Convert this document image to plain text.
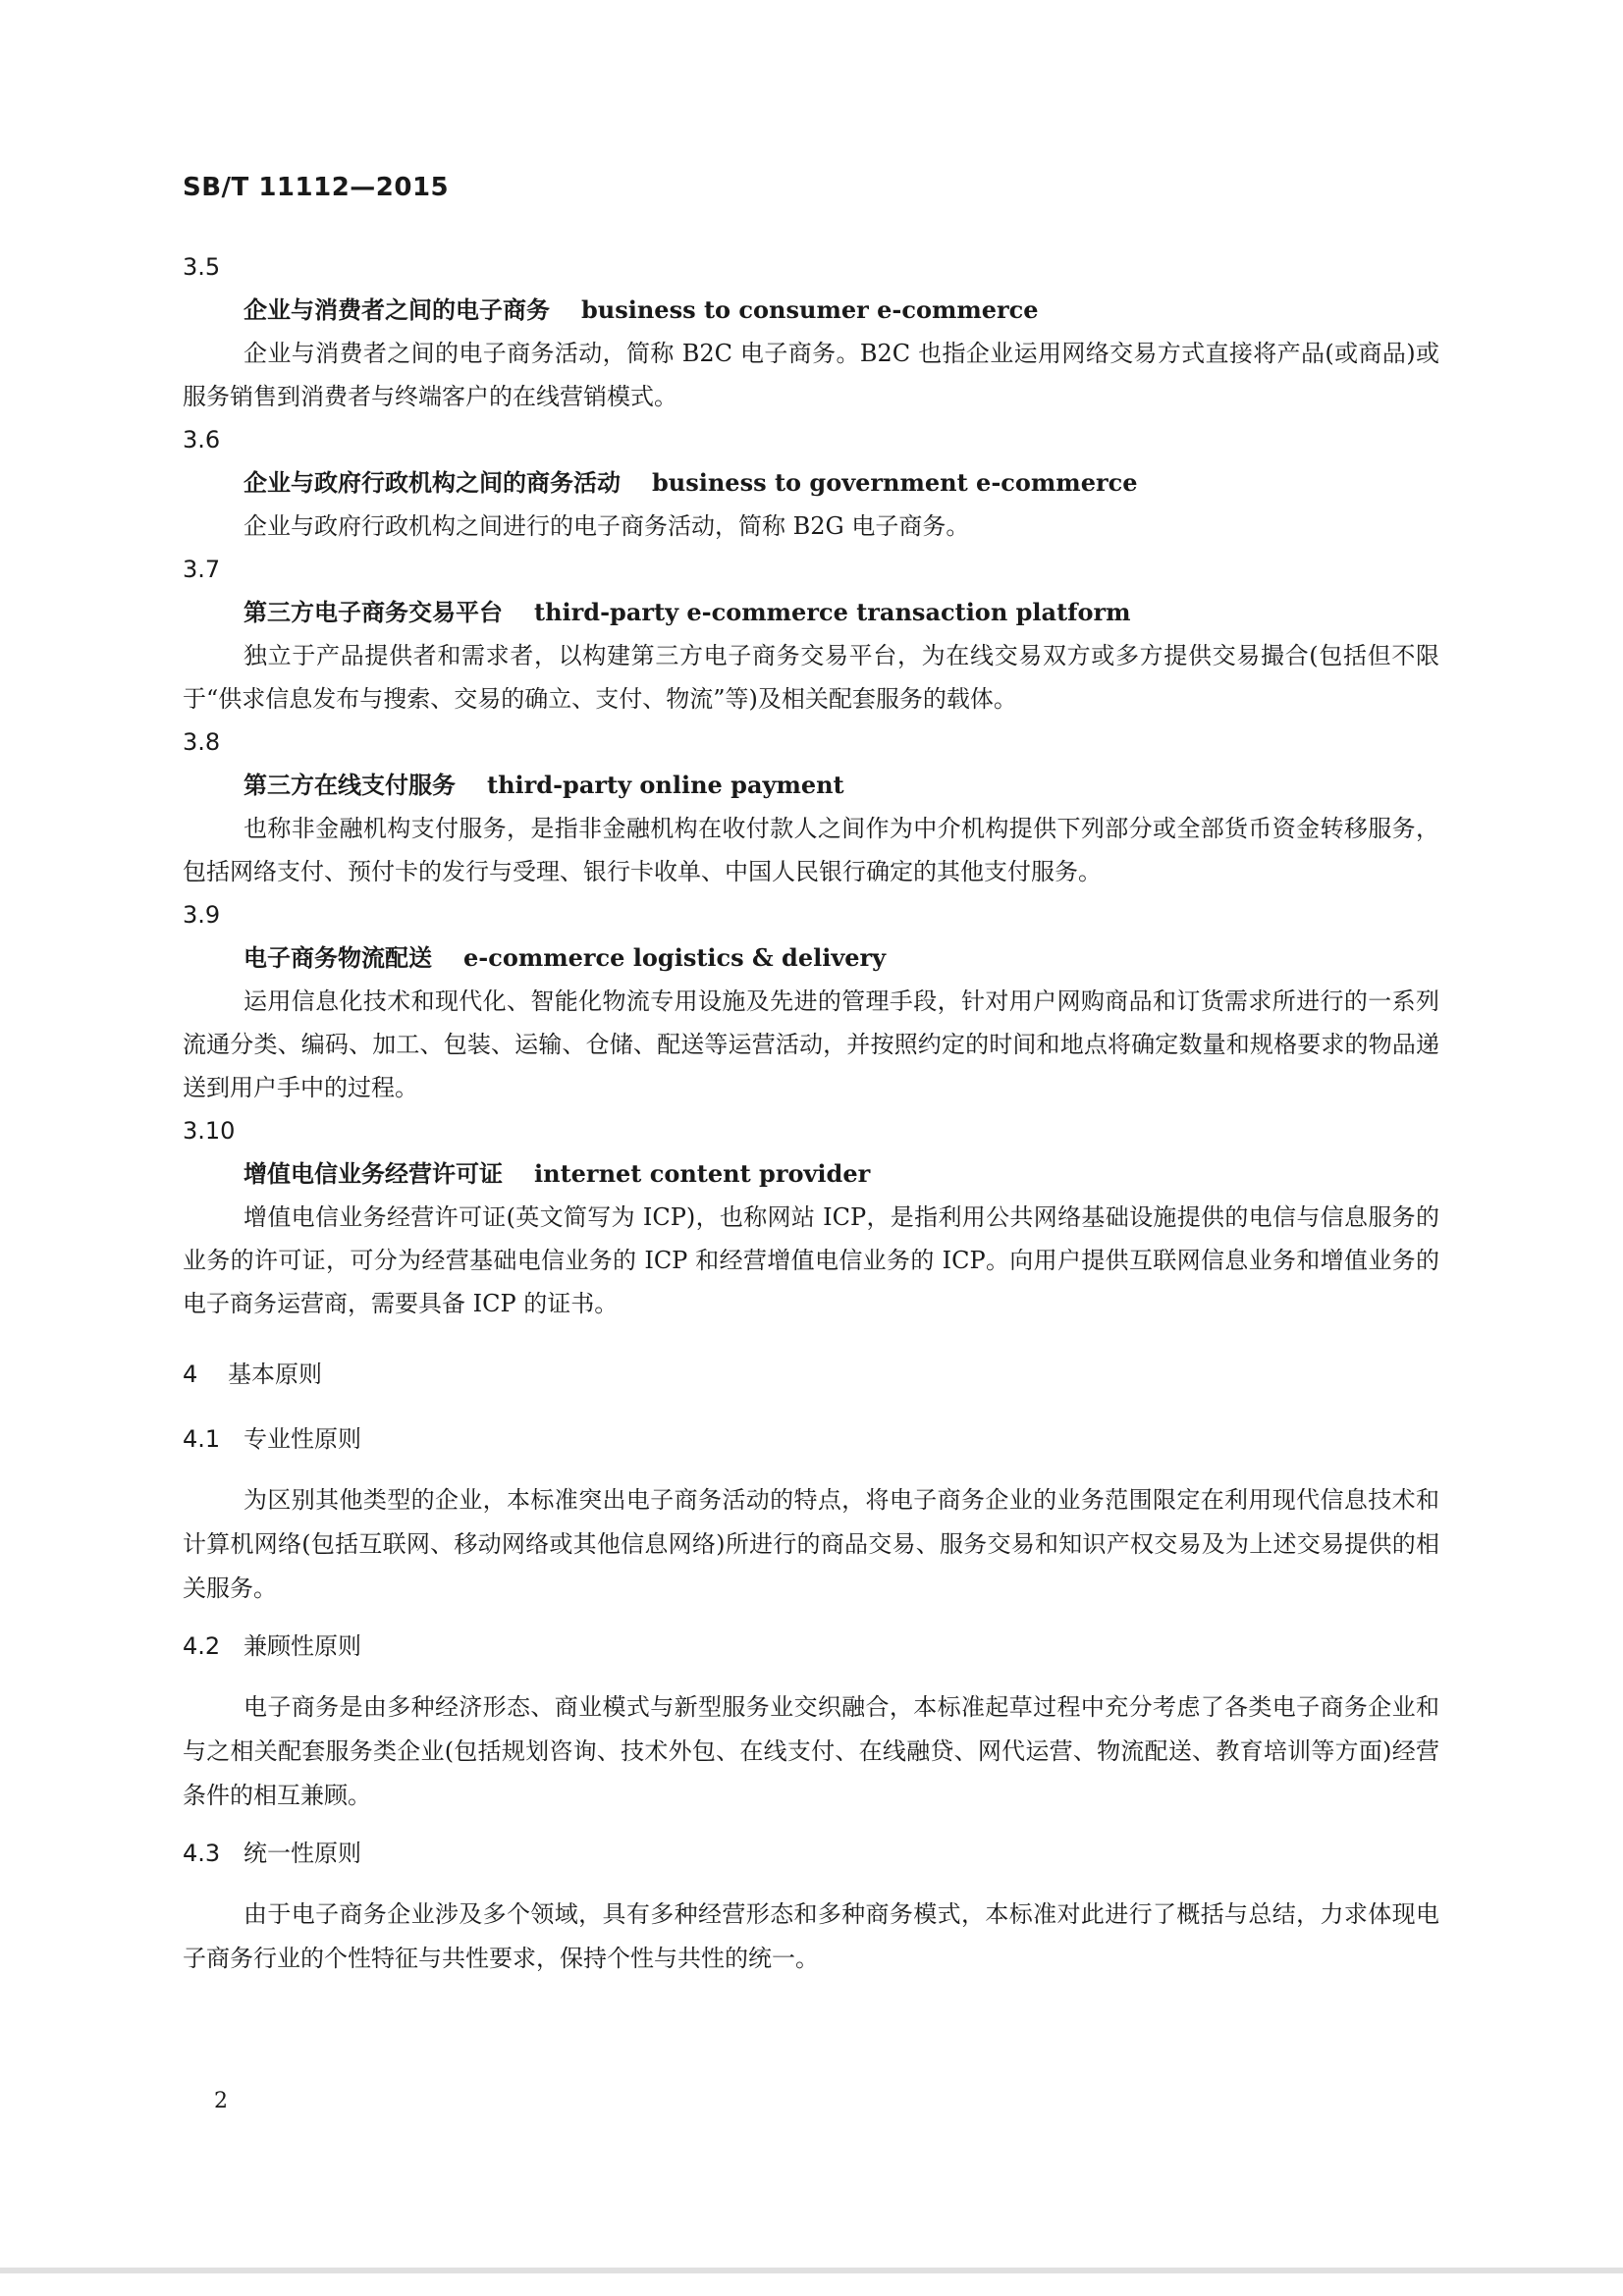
SB/T 11112—2015
3.5
企业与消费者之间的电子商务 business to consumer e-commerce

企业与消费者之间的电子商务活动，简称 B2C 电子商务。B2C 也指企业运用网络交易方式直接将产品(或商品)或服务销售到消费者与终端客户的在线营销模式。

3.6
企业与政府行政机构之间的商务活动 business to government e-commerce

企业与政府行政机构之间进行的电子商务活动，简称 B2G 电子商务。

3.7
第三方电子商务交易平台 third-party e-commerce transaction platform

独立于产品提供者和需求者，以构建第三方电子商务交易平台，为在线交易双方或多方提供交易撮合(包括但不限于“供求信息发布与搜索、交易的确立、支付、物流”等)及相关配套服务的载体。

3.8
第三方在线支付服务 third-party online payment

也称非金融机构支付服务，是指非金融机构在收付款人之间作为中介机构提供下列部分或全部货币资金转移服务，包括网络支付、预付卡的发行与受理、银行卡收单、中国人民银行确定的其他支付服务。

3.9
电子商务物流配送 e-commerce logistics & delivery

运用信息化技术和现代化、智能化物流专用设施及先进的管理手段，针对用户网购商品和订货需求所进行的一系列流通分类、编码、加工、包装、运输、仓储、配送等运营活动，并按照约定的时间和地点将确定数量和规格要求的物品递送到用户手中的过程。

3.10
增值电信业务经营许可证 internet content provider

增值电信业务经营许可证(英文简写为 ICP)，也称网站 ICP，是指利用公共网络基础设施提供的电信与信息服务的业务的许可证，可分为经营基础电信业务的 ICP 和经营增值电信业务的 ICP。向用户提供互联网信息业务和增值业务的电子商务运营商，需要具备 ICP 的证书。

4 基本原则
4.1 专业性原则

为区别其他类型的企业，本标准突出电子商务活动的特点，将电子商务企业的业务范围限定在利用现代信息技术和计算机网络(包括互联网、移动网络或其他信息网络)所进行的商品交易、服务交易和知识产权交易及为上述交易提供的相关服务。

4.2 兼顾性原则

电子商务是由多种经济形态、商业模式与新型服务业交织融合，本标准起草过程中充分考虑了各类电子商务企业和与之相关配套服务类企业(包括规划咨询、技术外包、在线支付、在线融贷、网代运营、物流配送、教育培训等方面)经营条件的相互兼顾。

4.3 统一性原则

由于电子商务企业涉及多个领域，具有多种经营形态和多种商务模式，本标准对此进行了概括与总结，力求体现电子商务行业的个性特征与共性要求，保持个性与共性的统一。

2
